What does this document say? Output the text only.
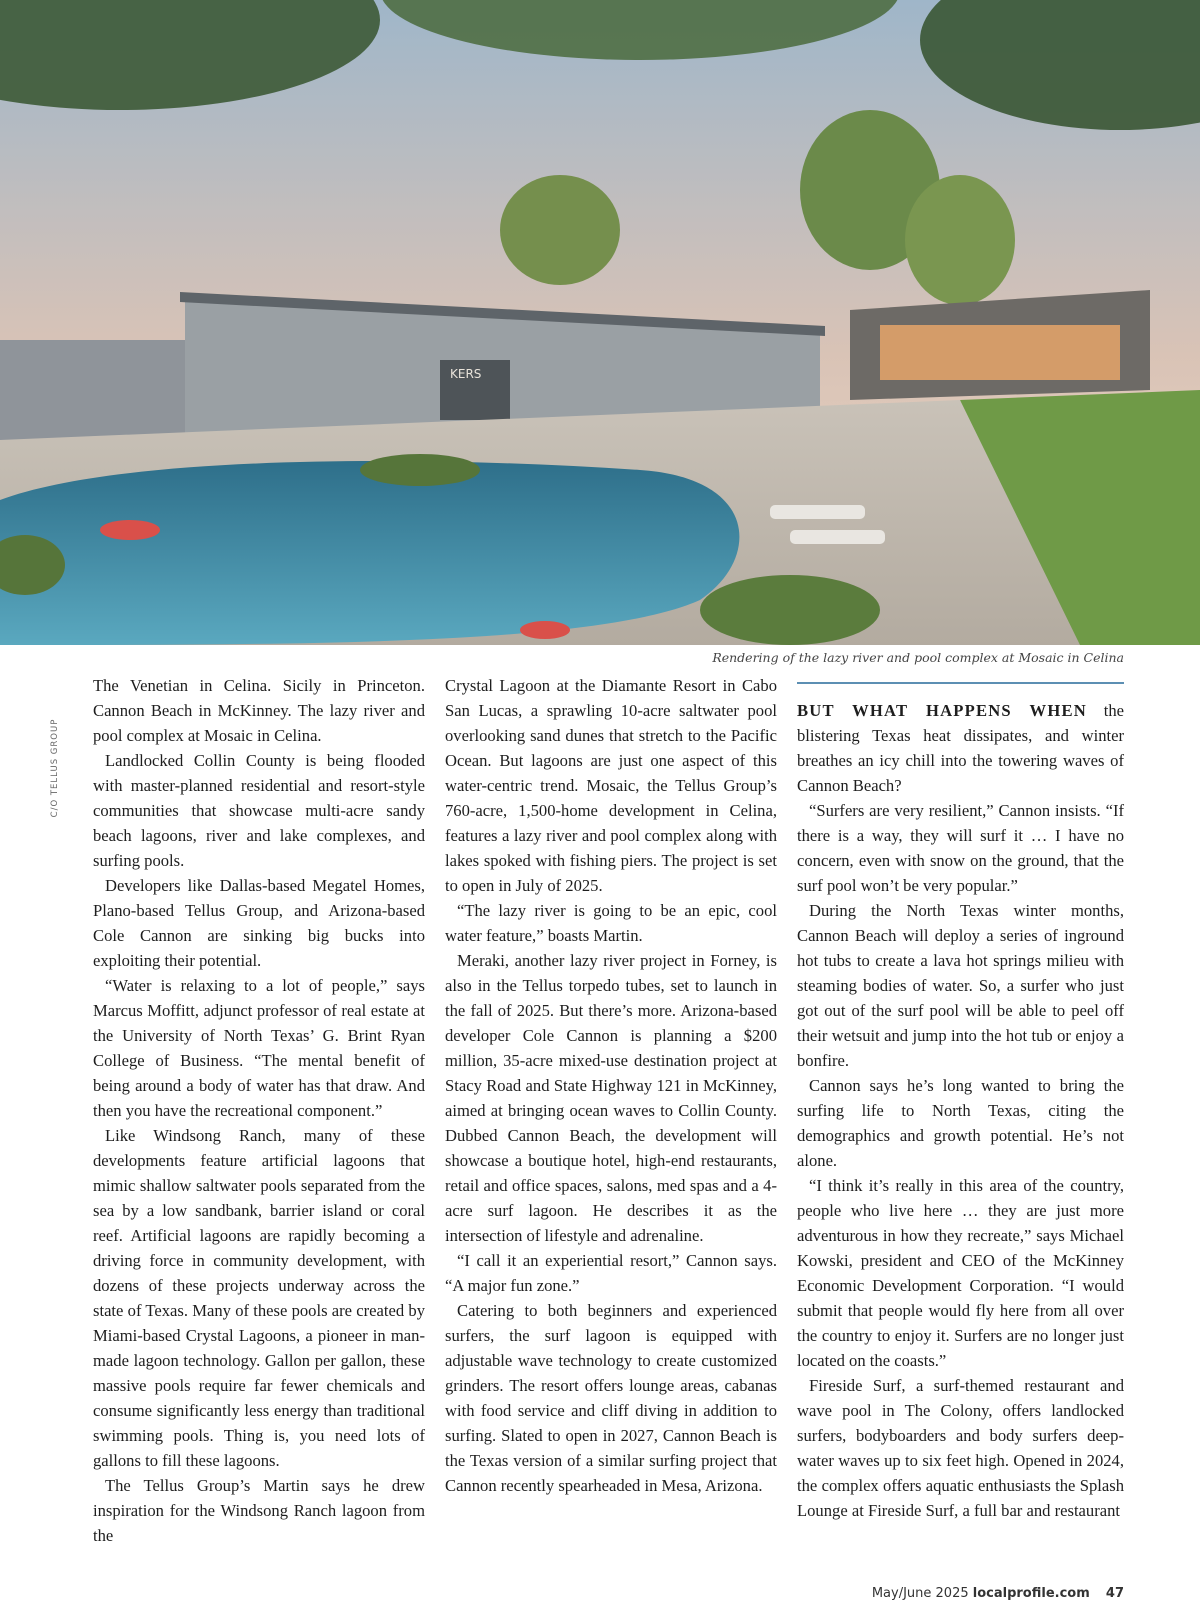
KERS
Rendering of the lazy river and pool complex at Mosaic in Celina
C/O TELLUS GROUP

The Venetian in Celina. Sicily in Princeton. Cannon Beach in McKinney. The lazy river and pool complex at Mosaic in Celina.

Landlocked Collin County is being flooded with master-planned residential and resort-style communities that showcase multi-acre sandy beach lagoons, river and lake complexes, and surfing pools.

Developers like Dallas-based Megatel Homes, Plano-based Tellus Group, and Arizona-based Cole Cannon are sinking big bucks into exploiting their potential.

“Water is relaxing to a lot of people,” says Marcus Moffitt, adjunct professor of real estate at the University of North Texas’ G. Brint Ryan College of Business. “The mental benefit of being around a body of water has that draw. And then you have the recreational component.”

Like Windsong Ranch, many of these developments feature artificial lagoons that mimic shallow saltwater pools separated from the sea by a low sandbank, barrier island or coral reef. Artificial lagoons are rapidly becoming a driving force in community development, with dozens of these projects underway across the state of Texas. Many of these pools are created by Miami-based Crystal Lagoons, a pioneer in man-made lagoon technology. Gallon per gallon, these massive pools require far fewer chemicals and consume significantly less energy than traditional swimming pools. Thing is, you need lots of gallons to fill these lagoons.

The Tellus Group’s Martin says he drew inspiration for the Windsong Ranch lagoon from the

Crystal Lagoon at the Diamante Resort in Cabo San Lucas, a sprawling 10-acre saltwater pool overlooking sand dunes that stretch to the Pacific Ocean. But lagoons are just one aspect of this water-centric trend. Mosaic, the Tellus Group’s 760-acre, 1,500-home development in Celina, features a lazy river and pool complex along with lakes spoked with fishing piers. The project is set to open in July of 2025.

“The lazy river is going to be an epic, cool water feature,” boasts Martin.

Meraki, another lazy river project in Forney, is also in the Tellus torpedo tubes, set to launch in the fall of 2025. But there’s more. Arizona-based developer Cole Cannon is planning a $200 million, 35-acre mixed-use destination project at Stacy Road and State Highway 121 in McKinney, aimed at bringing ocean waves to Collin County. Dubbed Cannon Beach, the development will showcase a boutique hotel, high-end restaurants, retail and office spaces, salons, med spas and a 4-acre surf lagoon. He describes it as the intersection of lifestyle and adrenaline.

“I call it an experiential resort,” Cannon says. “A major fun zone.”

Catering to both beginners and experienced surfers, the surf lagoon is equipped with adjustable wave technology to create customized grinders. The resort offers lounge areas, cabanas with food service and cliff diving in addition to surfing. Slated to open in 2027, Cannon Beach is the Texas version of a similar surfing project that Cannon recently spearheaded in Mesa, Arizona.

BUT WHAT HAPPENS WHEN the blistering Texas heat dissipates, and winter breathes an icy chill into the towering waves of Cannon Beach?

“Surfers are very resilient,” Cannon insists. “If there is a way, they will surf it … I have no concern, even with snow on the ground, that the surf pool won’t be very popular.”

During the North Texas winter months, Cannon Beach will deploy a series of inground hot tubs to create a lava hot springs milieu with steaming bodies of water. So, a surfer who just got out of the surf pool will be able to peel off their wetsuit and jump into the hot tub or enjoy a bonfire.

Cannon says he’s long wanted to bring the surfing life to North Texas, citing the demographics and growth potential. He’s not alone.

“I think it’s really in this area of the country, people who live here … they are just more adventurous in how they recreate,” says Michael Kowski, president and CEO of the McKinney Economic Development Corporation. “I would submit that people would fly here from all over the country to enjoy it. Surfers are no longer just located on the coasts.”

Fireside Surf, a surf-themed restaurant and wave pool in The Colony, offers landlocked surfers, bodyboarders and body surfers deep-water waves up to six feet high. Opened in 2024, the complex offers aquatic enthusiasts the Splash Lounge at Fireside Surf, a full bar and restaurant

May/June 2025 localprofile.com 47
